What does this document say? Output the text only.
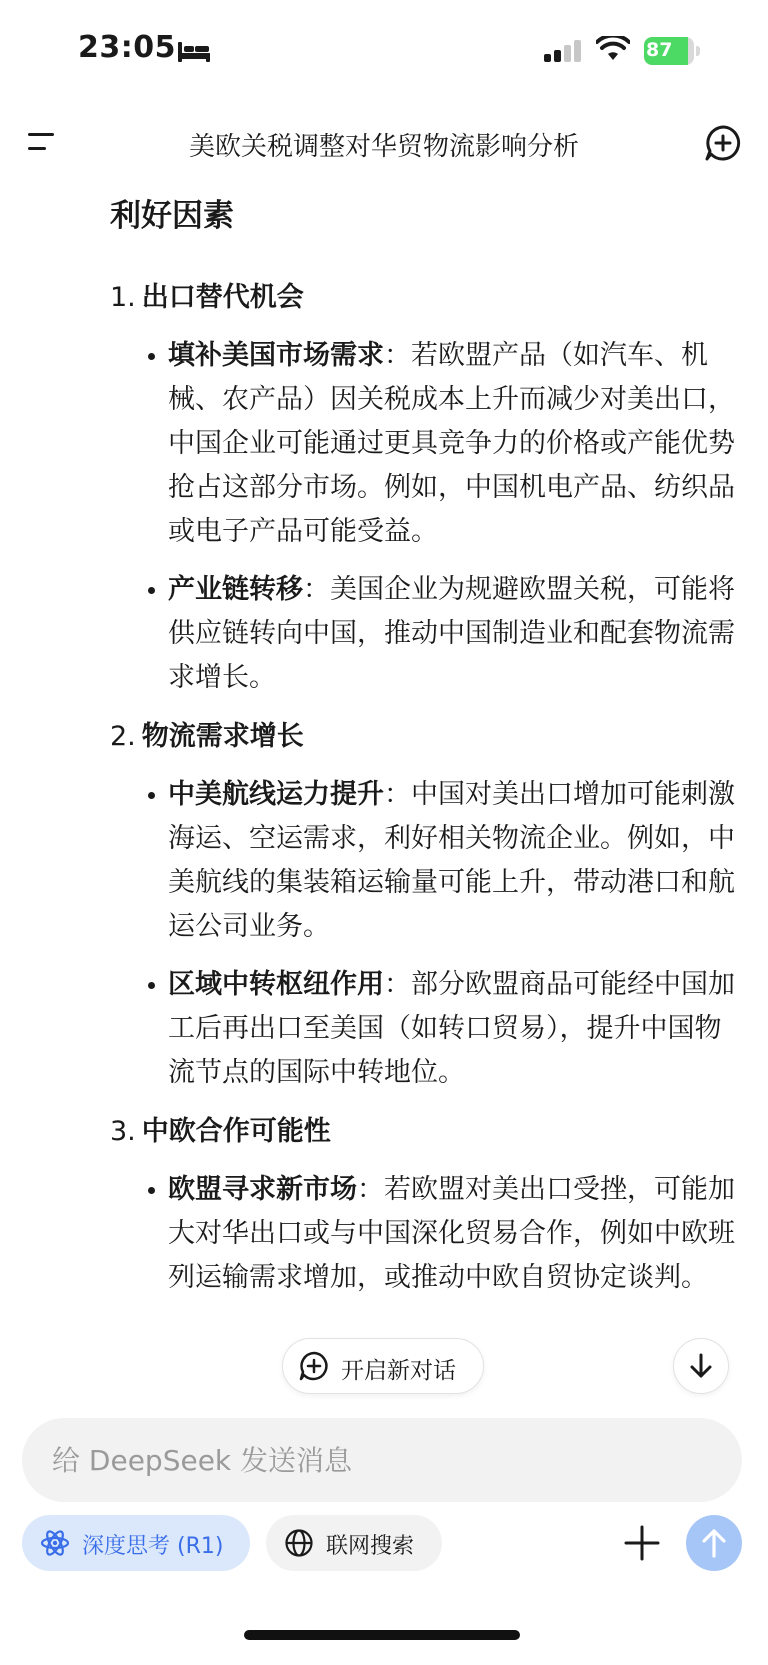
23:05	87
美欧关税调整对华贸物流影响分析
利好因素
1. 出口替代机会
填补美国市场需求：若欧盟产品（如汽车、机械、农产品）因关税成本上升而减少对美出口，中国企业可能通过更具竞争力的价格或产能优势抢占这部分市场。例如，中国机电产品、纺织品或电子产品可能受益。
产业链转移：美国企业为规避欧盟关税，可能将供应链转向中国，推动中国制造业和配套物流需求增长。
2. 物流需求增长
中美航线运力提升：中国对美出口增加可能刺激海运、空运需求，利好相关物流企业。例如，中美航线的集装箱运输量可能上升，带动港口和航运公司业务。
区域中转枢纽作用：部分欧盟商品可能经中国加工后再出口至美国（如转口贸易），提升中国物流节点的国际中转地位。
3. 中欧合作可能性
欧盟寻求新市场：若欧盟对美出口受挫，可能加大对华出口或与中国深化贸易合作，例如中欧班列运输需求增加，或推动中欧自贸协定谈判。
开启新对话
给 DeepSeek 发送消息
深度思考 (R1)	联网搜索
